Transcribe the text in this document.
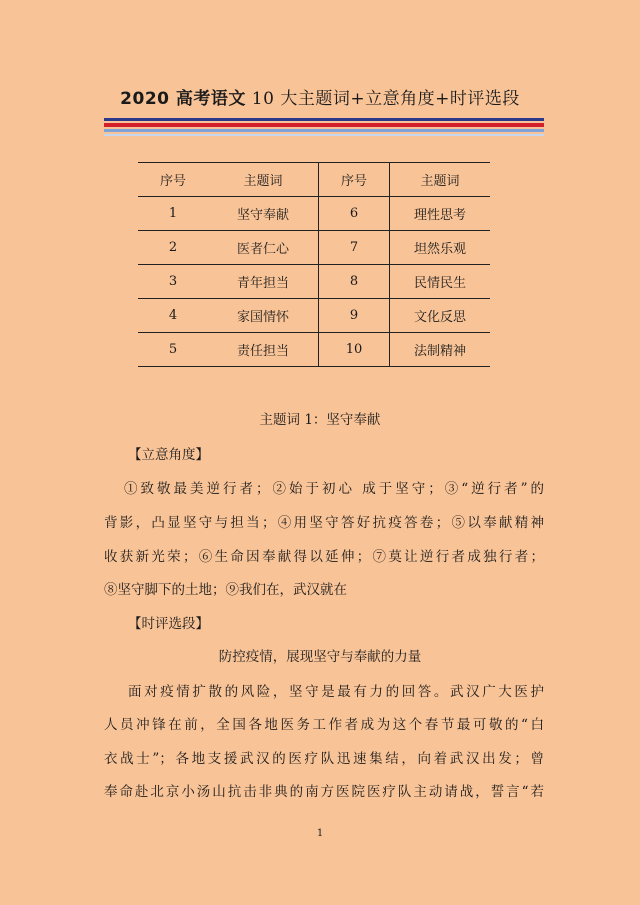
2020 高考语文 10 大主题词+立意角度+时评选段
序号	主题词	序号	主题词
1	坚守奉献	6	理性思考
2	医者仁心	7	坦然乐观
3	青年担当	8	民情民生
4	家国情怀	9	文化反思
5	责任担当	10	法制精神
主题词 1：坚守奉献
【立意角度】
①致敬最美逆行者；②始于初心 成于坚守；③“逆行者”的
背影，凸显坚守与担当；④用坚守答好抗疫答卷；⑤以奉献精神
收获新光荣；⑥生命因奉献得以延伸；⑦莫让逆行者成独行者；
⑧坚守脚下的土地；⑨我们在，武汉就在
【时评选段】
防控疫情，展现坚守与奉献的力量
面对疫情扩散的风险，坚守是最有力的回答。武汉广大医护
人员冲锋在前，全国各地医务工作者成为这个春节最可敬的“白
衣战士”；各地支援武汉的医疗队迅速集结，向着武汉出发；曾
奉命赴北京小汤山抗击非典的南方医院医疗队主动请战，誓言“若
1
